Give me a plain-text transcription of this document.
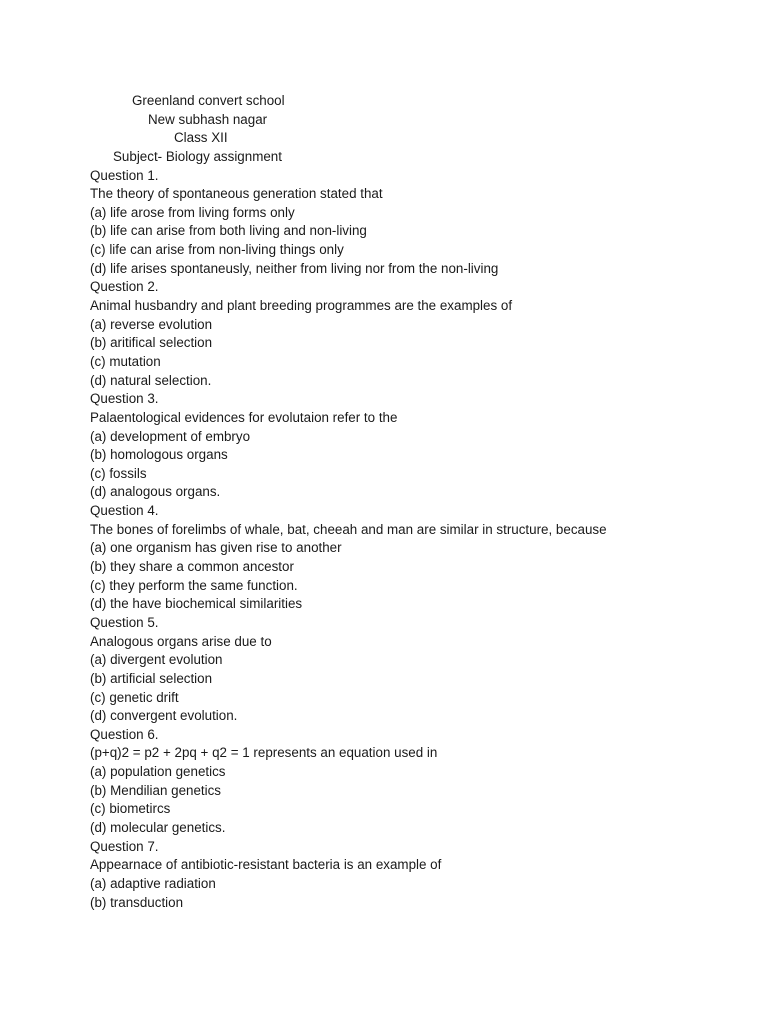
Greenland convert school
New subhash nagar
Class XII
Subject- Biology assignment
Question 1.
The theory of spontaneous generation stated that
(a) life arose from living forms only
(b) life can arise from both living and non-living
(c) life can arise from non-living things only
(d) life arises spontaneusly, neither from living nor from the non-living
Question 2.
Animal husbandry and plant breeding programmes are the examples of
(a) reverse evolution
(b) aritifical selection
(c) mutation
(d) natural selection.
Question 3.
Palaentological evidences for evolutaion refer to the
(a) development of embryo
(b) homologous organs
(c) fossils
(d) analogous organs.
Question 4.
The bones of forelimbs of whale, bat, cheeah and man are similar in structure, because
(a) one organism has given rise to another
(b) they share a common ancestor
(c) they perform the same function.
(d) the have biochemical similarities
Question 5.
Analogous organs arise due to
(a) divergent evolution
(b) artificial selection
(c) genetic drift
(d) convergent evolution.
Question 6.
(p+q)2 = p2 + 2pq + q2 = 1 represents an equation used in
(a) population genetics
(b) Mendilian genetics
(c) biometircs
(d) molecular genetics.
Question 7.
Appearnace of antibiotic-resistant bacteria is an example of
(a) adaptive radiation
(b) transduction
